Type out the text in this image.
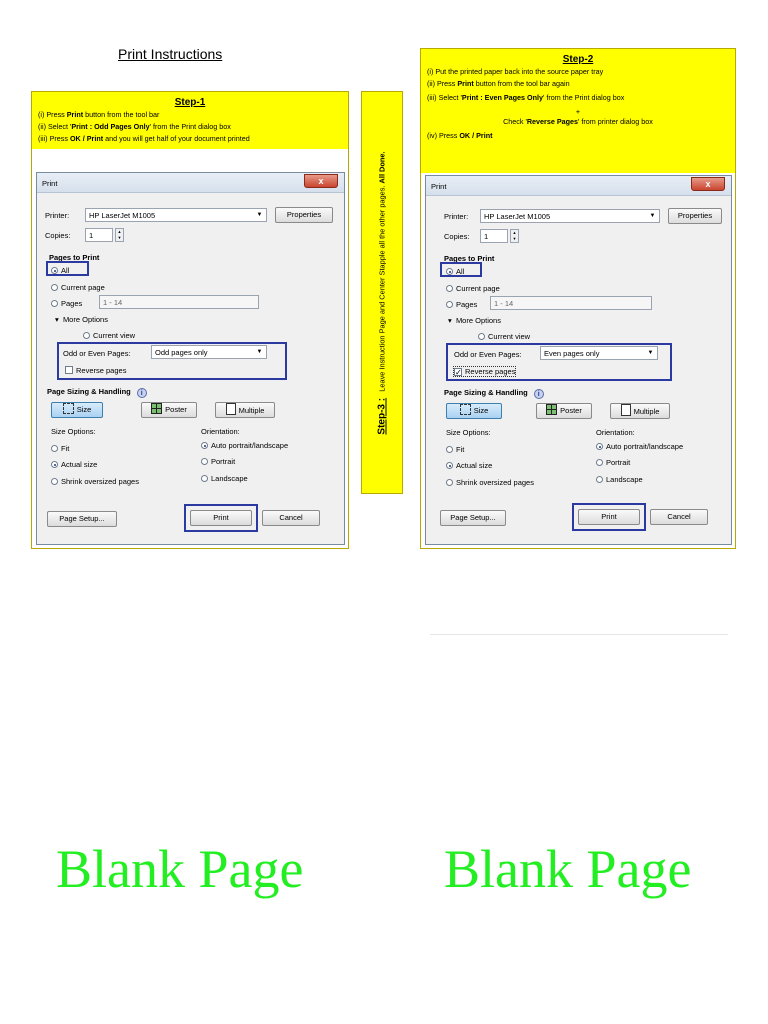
Print Instructions
Step-1
(i) Press Print button from the tool bar
(ii) Select 'Print : Odd Pages Only' from the Print dialog box
(iii) Press OK / Print and you will get half of your document printed
Print	x
Printer:	HP LaserJet M1005	▼	Properties
Copies:	1	▲
▼
Pages to Print
All
Current page
Pages	1 - 14
▾  More Options
Current view
Odd or Even Pages:	Odd pages only	▼
Reverse pages
Page Sizing & Handling i
Size	Poster	Multiple
Size Options:
Fit
Actual size
Shrink oversized pages
Orientation:
Auto portrait/landscape
Portrait
Landscape
Page Setup...	Print	Cancel
Step-3 :   Leave Instruction Page and Center Stapple all the other pages. All Done.
Step-2
(i) Put the printed paper back into the source paper tray
(ii) Press Print button from the tool bar again
(iii) Select 'Print : Even Pages Only' from the Print dialog box
+
Check 'Reverse Pages' from printer dialog box
(iv) Press OK / Print
Print	x
Printer:	HP LaserJet M1005	▼	Properties
Copies:	1	▲
▼
Pages to Print
All
Current page
Pages	1 - 14
▾  More Options
Current view
Odd or Even Pages:	Even pages only	▼
✓ Reverse pages
Page Sizing & Handling i
Size	Poster	Multiple
Size Options:
Fit
Actual size
Shrink oversized pages
Orientation:
Auto portrait/landscape
Portrait
Landscape
Page Setup...	Print	Cancel
Blank Page	Blank Page
